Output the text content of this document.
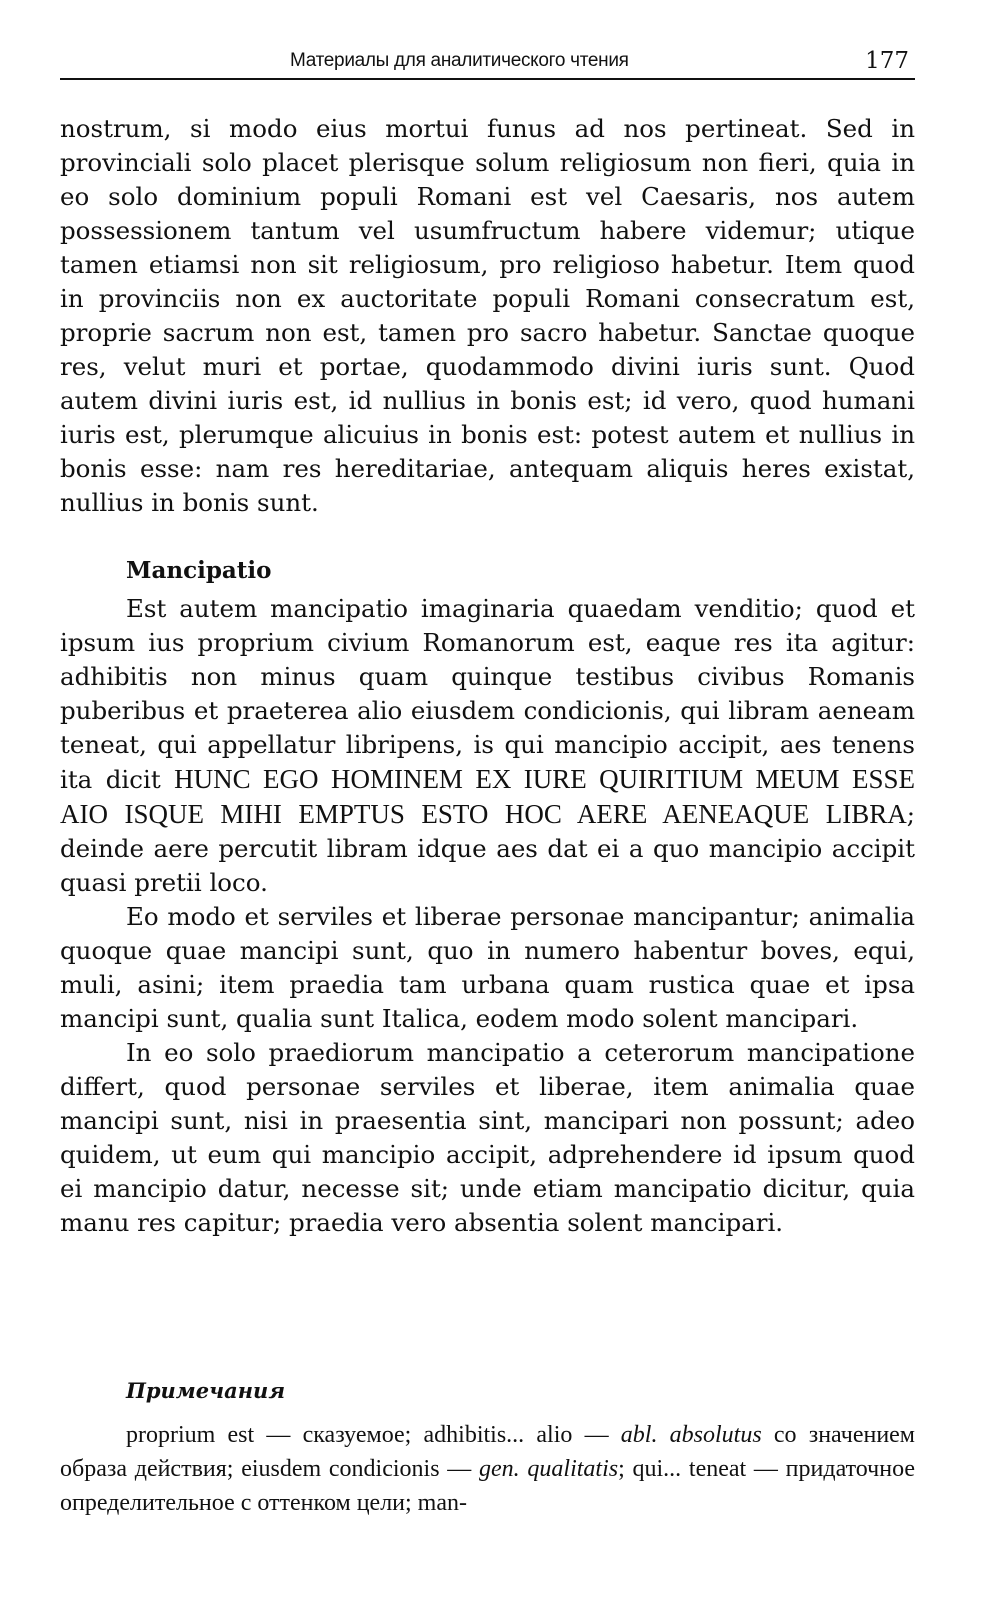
Материалы для аналитического чтения	177

nostrum, si modo eius mortui funus ad nos pertineat. Sed in provinciali solo placet plerisque solum religiosum non fieri, quia in eo solo dominium populi Romani est vel Caesaris, nos autem possessionem tantum vel usumfructum habere videmur; utique tamen etiamsi non sit religiosum, pro religioso habetur. Item quod in provinciis non ex auctoritate populi Romani consecratum est, proprie sacrum non est, tamen pro sacro habetur. Sanctae quoque res, velut muri et portae, quodammodo divini iuris sunt. Quod autem divini iuris est, id nullius in bonis est; id vero, quod humani iuris est, plerumque alicuius in bonis est: potest autem et nullius in bonis esse: nam res hereditariae, antequam aliquis heres existat, nullius in bonis sunt.

Mancipatio

Est autem mancipatio imaginaria quaedam venditio; quod et ipsum ius proprium civium Romanorum est, eaque res ita agitur: adhibitis non minus quam quinque testibus civibus Romanis puberibus et praeterea alio eiusdem condicionis, qui libram aeneam teneat, qui appellatur libripens, is qui mancipio accipit, aes tenens ita dicit HUNC EGO HOMINEM EX IURE QUIRITIUM MEUM ESSE AIO ISQUE MIHI EMPTUS ESTO HOC AERE AENEAQUE LIBRA; deinde aere percutit libram idque aes dat ei a quo mancipio accipit quasi pretii loco.

Eo modo et serviles et liberae personae mancipantur; animalia quoque quae mancipi sunt, quo in numero habentur boves, equi, muli, asini; item praedia tam urbana quam rustica quae et ipsa mancipi sunt, qualia sunt Italica, eodem modo solent mancipari.

In eo solo praediorum mancipatio a ceterorum mancipatione differt, quod personae serviles et liberae, item animalia quae mancipi sunt, nisi in praesentia sint, mancipari non possunt; adeo quidem, ut eum qui mancipio accipit, adprehendere id ipsum quod ei mancipio datur, necesse sit; unde etiam mancipatio dicitur, quia manu res capitur; praedia vero absentia solent mancipari.

Примечания

proprium est — сказуемое; adhibitis... alio — abl. absolutus со значением образа действия; eiusdem condicionis — gen. qualitatis; qui... teneat — придаточное определительное с оттенком цели; man-
